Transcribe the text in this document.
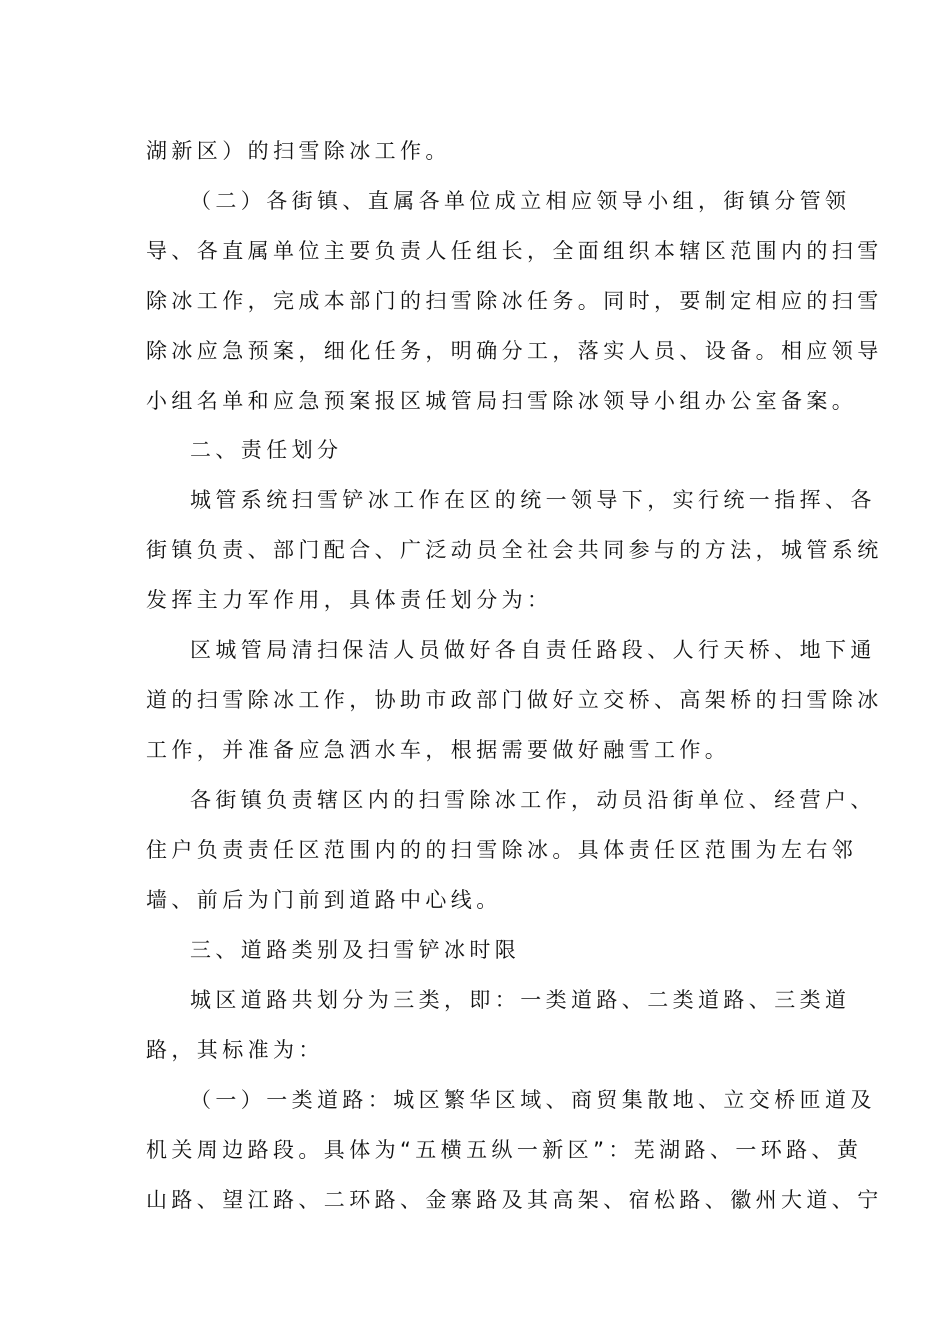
湖新区）的扫雪除冰工作。

（二）各街镇、直属各单位成立相应领导小组，街镇分管领

导、各直属单位主要负责人任组长，全面组织本辖区范围内的扫雪

除冰工作，完成本部门的扫雪除冰任务。同时，要制定相应的扫雪

除冰应急预案，细化任务，明确分工，落实人员、设备。相应领导

小组名单和应急预案报区城管局扫雪除冰领导小组办公室备案。

二、责任划分

城管系统扫雪铲冰工作在区的统一领导下，实行统一指挥、各

街镇负责、部门配合、广泛动员全社会共同参与的方法，城管系统

发挥主力军作用，具体责任划分为：

区城管局清扫保洁人员做好各自责任路段、人行天桥、地下通

道的扫雪除冰工作，协助市政部门做好立交桥、高架桥的扫雪除冰

工作，并准备应急洒水车，根据需要做好融雪工作。

各街镇负责辖区内的扫雪除冰工作，动员沿街单位、经营户、

住户负责责任区范围内的的扫雪除冰。具体责任区范围为左右邻

墙、前后为门前到道路中心线。

三、道路类别及扫雪铲冰时限

城区道路共划分为三类，即：一类道路、二类道路、三类道

路，其标准为：

（一）一类道路：城区繁华区域、商贸集散地、立交桥匝道及

机关周边路段。具体为“五横五纵一新区”：芜湖路、一环路、黄

山路、望江路、二环路、金寨路及其高架、宿松路、徽州大道、宁
